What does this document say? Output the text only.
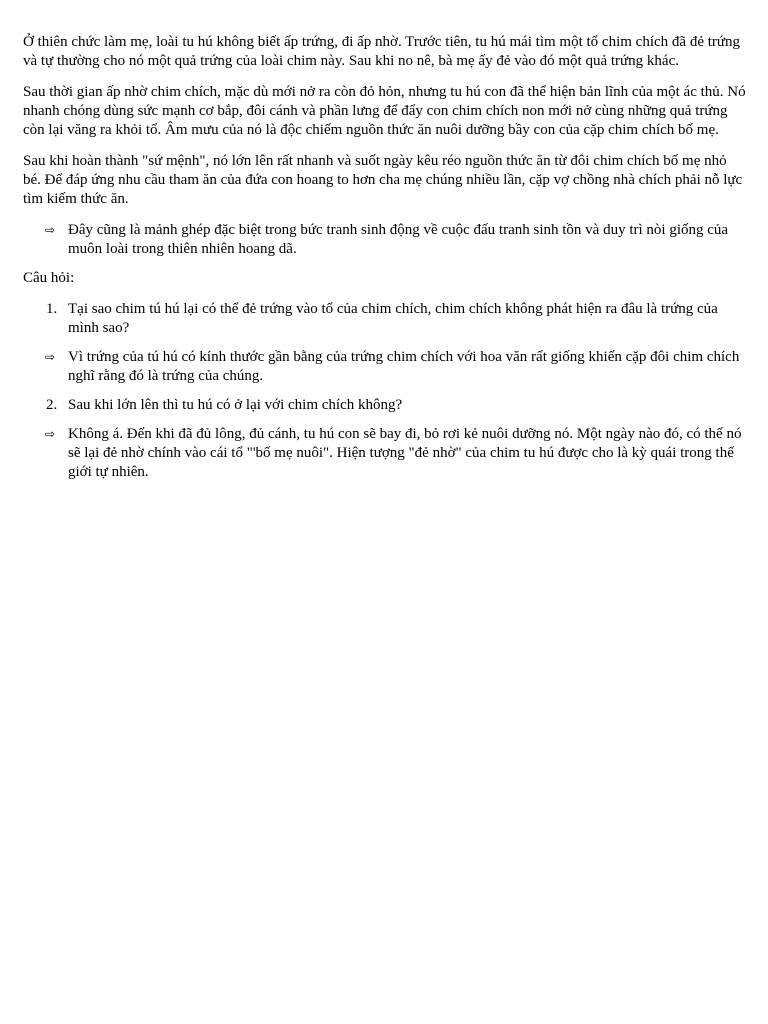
Ở thiên chức làm mẹ, loài tu hú không biết ấp trứng, đi ấp nhờ. Trước tiên, tu hú mái tìm một tổ chim chích đã đẻ trứng và tự thường cho nó một quả trứng của loài chim này. Sau khi no nê, bà mẹ ấy đẻ vào đó một quả trứng khác.

Sau thời gian ấp nhờ chim chích, mặc dù mới nở ra còn đỏ hỏn, nhưng tu hú con đã thể hiện bản lĩnh của một ác thủ. Nó nhanh chóng dùng sức mạnh cơ bắp, đôi cánh và phần lưng để đẩy con chim chích non mới nở cùng những quả trứng còn lại văng ra khỏi tổ. Âm mưu của nó là độc chiếm nguồn thức ăn nuôi dưỡng bầy con của cặp chim chích bố mẹ.

Sau khi hoàn thành "sứ mệnh", nó lớn lên rất nhanh và suốt ngày kêu réo nguồn thức ăn từ đôi chim chích bố mẹ nhỏ bé. Để đáp ứng nhu cầu tham ăn của đứa con hoang to hơn cha mẹ chúng nhiều lần, cặp vợ chồng nhà chích phải nỗ lực tìm kiếm thức ăn.

⇨ Đây cũng là mảnh ghép đặc biệt trong bức tranh sinh động về cuộc đấu tranh sinh tồn và duy trì nòi giống của muôn loài trong thiên nhiên hoang dã.

Câu hỏi:

1. Tại sao chim tú hú lại có thể đẻ trứng vào tổ của chim chích, chim chích không phát hiện ra đâu là trứng của mình sao?
⇨ Vì trứng của tú hú có kính thước gần bằng của trứng chim chích với hoa văn rất giống khiến cặp đôi chim chích nghĩ rằng đó là trứng của chúng.
2. Sau khi lớn lên thì tu hú có ở lại với chim chích không?
⇨ Không á. Đến khi đã đủ lông, đủ cánh, tu hú con sẽ bay đi, bỏ rơi kẻ nuôi dưỡng nó. Một ngày nào đó, có thể nó sẽ lại đẻ nhờ chính vào cái tổ "'bố mẹ nuôi". Hiện tượng "đẻ nhờ" của chim tu hú được cho là kỳ quái trong thế giới tự nhiên.
